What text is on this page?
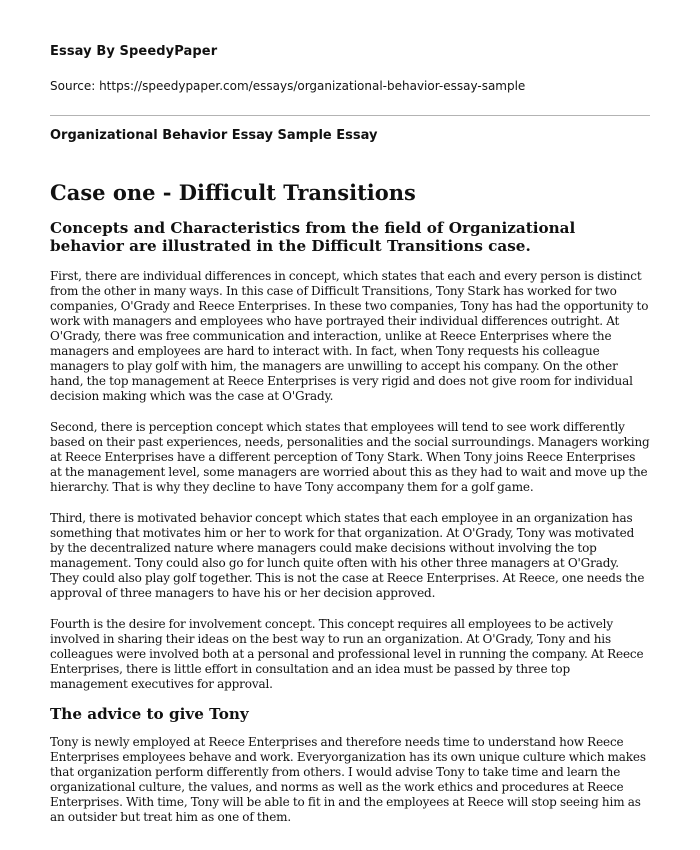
Essay By SpeedyPaper
Source: https://speedypaper.com/essays/organizational-behavior-essay-sample
Organizational Behavior Essay Sample Essay
Case one - Difficult Transitions
Concepts and Characteristics from the field of Organizational behavior are illustrated in the Difficult Transitions case.

First, there are individual differences in concept, which states that each and every person is distinct from the other in many ways. In this case of Difficult Transitions, Tony Stark has worked for two companies, O'Grady and Reece Enterprises. In these two companies, Tony has had the opportunity to work with managers and employees who have portrayed their individual differences outright. At O'Grady, there was free communication and interaction, unlike at Reece Enterprises where the managers and employees are hard to interact with. In fact, when Tony requests his colleague managers to play golf with him, the managers are unwilling to accept his company. On the other hand, the top management at Reece Enterprises is very rigid and does not give room for individual decision making which was the case at O'Grady.

Second, there is perception concept which states that employees will tend to see work differently based on their past experiences, needs, personalities and the social surroundings. Managers working at Reece Enterprises have a different perception of Tony Stark. When Tony joins Reece Enterprises at the management level, some managers are worried about this as they had to wait and move up the hierarchy. That is why they decline to have Tony accompany them for a golf game.

Third, there is motivated behavior concept which states that each employee in an organization has something that motivates him or her to work for that organization. At O'Grady, Tony was motivated by the decentralized nature where managers could make decisions without involving the top management. Tony could also go for lunch quite often with his other three managers at O'Grady. They could also play golf together. This is not the case at Reece Enterprises. At Reece, one needs the approval of three managers to have his or her decision approved.

Fourth is the desire for involvement concept. This concept requires all employees to be actively involved in sharing their ideas on the best way to run an organization. At O'Grady, Tony and his colleagues were involved both at a personal and professional level in running the company. At Reece Enterprises, there is little effort in consultation and an idea must be passed by three top management executives for approval.

The advice to give Tony

Tony is newly employed at Reece Enterprises and therefore needs time to understand how Reece Enterprises employees behave and work. Everyorganization has its own unique culture which makes that organization perform differently from others. I would advise Tony to take time and learn the organizational culture, the values, and norms as well as the work ethics and procedures at Reece Enterprises. With time, Tony will be able to fit in and the employees at Reece will stop seeing him as an outsider but treat him as one of them.
